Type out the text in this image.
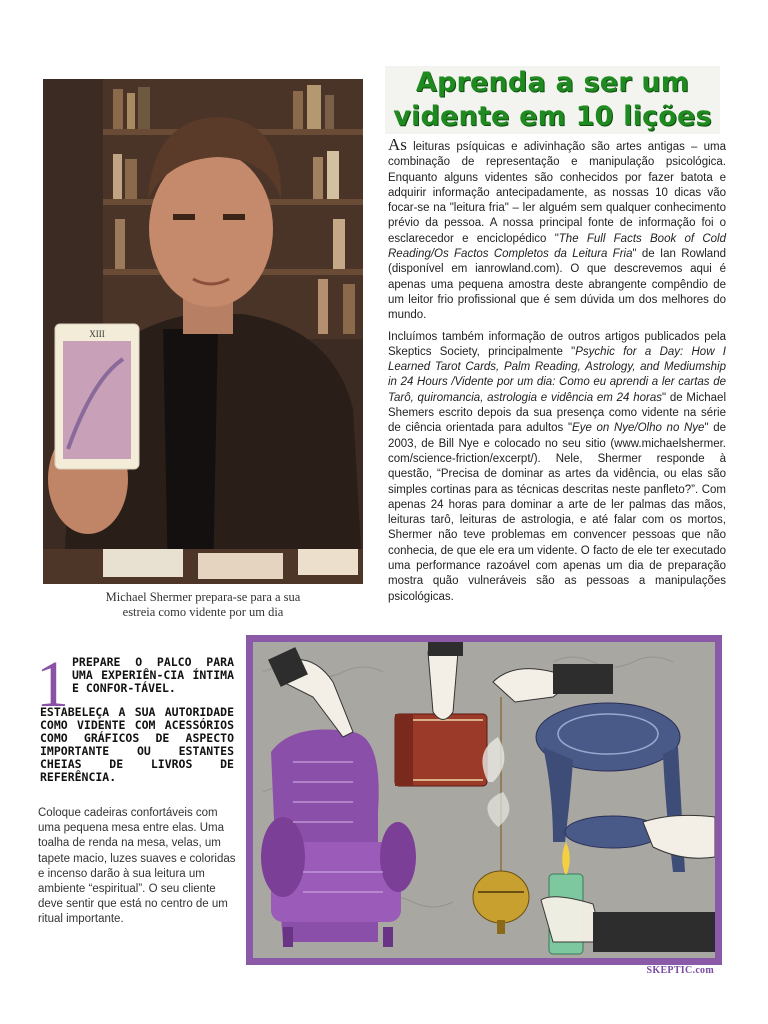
XIII
Michael Shermer prepara-se para a sua
estreia como vidente por um dia
Aprenda a ser um
vidente em 10 lições

As leituras psíquicas e adivinhação são artes antigas – uma combinação de representação e manipulação psicológica. Enquanto alguns videntes são conhecidos por fazer batota e adquirir informação antecipadamente, as nossas 10 dicas vão focar-se na "leitura fria" – ler alguém sem qualquer conhecimento prévio da pessoa. A nossa principal fonte de informação foi o esclarecedor e enciclopédico "The Full Facts Book of Cold Reading/Os Factos Completos da Leitura Fria" de Ian Rowland (disponível em ianrowland.com). O que descrevemos aqui é apenas uma pequena amostra deste abrangente compêndio de um leitor frio profissional que é sem dúvida um dos melhores do mundo.

Incluímos também informação de outros artigos publicados pela Skeptics Society, principalmente "Psychic for a Day: How I Learned Tarot Cards, Palm Reading, Astrology, and Mediumship in 24 Hours /Vidente por um dia: Como eu aprendi a ler cartas de Tarô, quiromancia, astrologia e vidência em 24 horas" de Michael Shemers escrito depois da sua presença como vidente na série de ciência orientada para adultos "Eye on Nye/Olho no Nye" de 2003, de Bill Nye e colocado no seu sitio (www.michaelshermer. com/science-friction/excerpt/). Nele, Shermer responde à questão, “Precisa de dominar as artes da vidência, ou elas são simples cortinas para as técnicas descritas neste panfleto?”. Com apenas 24 horas para dominar a arte de ler palmas das mãos, leituras tarô, leituras de astrologia, e até falar com os mortos, Shermer não teve problemas em convencer pessoas que não conhecia, de que ele era um vidente. O facto de ele ter executado uma performance razoável com apenas um dia de preparação mostra quão vulneráveis são as pessoas a manipulações psicológicas.

1 PREPARE O PALCO PARA UMA EXPERIÊN-CIA ÍNTIMA E CONFOR-TÁVEL.
ESTABELEÇA A SUA AUTORIDADE COMO VIDENTE COM ACESSÓRIOS COMO GRÁFICOS DE ASPECTO IMPORTANTE OU ESTANTES CHEIAS DE LIVROS DE REFERÊNCIA.
Coloque cadeiras confortáveis com uma pequena mesa entre elas. Uma toalha de renda na mesa, velas, um tapete macio, luzes suaves e coloridas e incenso darão à sua leitura um ambiente “espiritual”. O seu cliente deve sentir que está no centro de um ritual importante.
SKEPTIC.com
